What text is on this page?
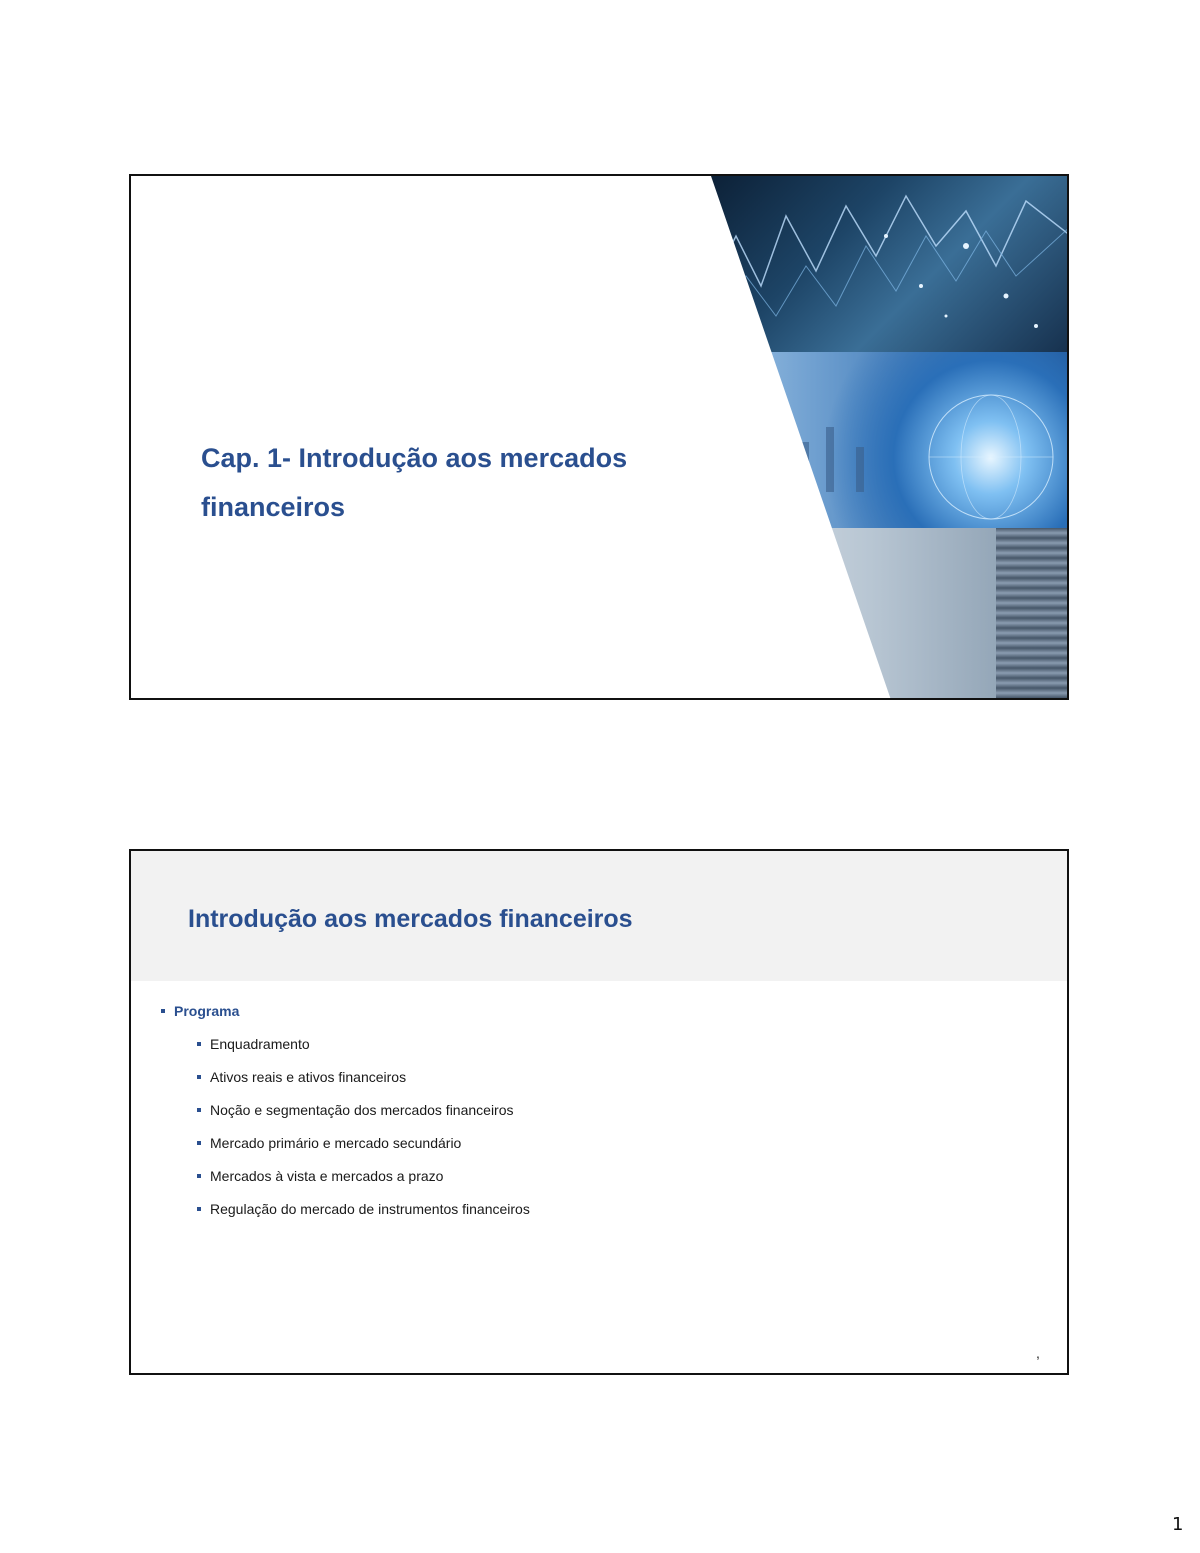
Cap. 1- Introdução aos mercados
financeiros
Introdução aos mercados financeiros
Programa
Enquadramento
Ativos reais e ativos financeiros
Noção e segmentação dos mercados financeiros
Mercado primário e mercado secundário
Mercados à vista e mercados a prazo
Regulação do mercado de instrumentos financeiros
,
1
